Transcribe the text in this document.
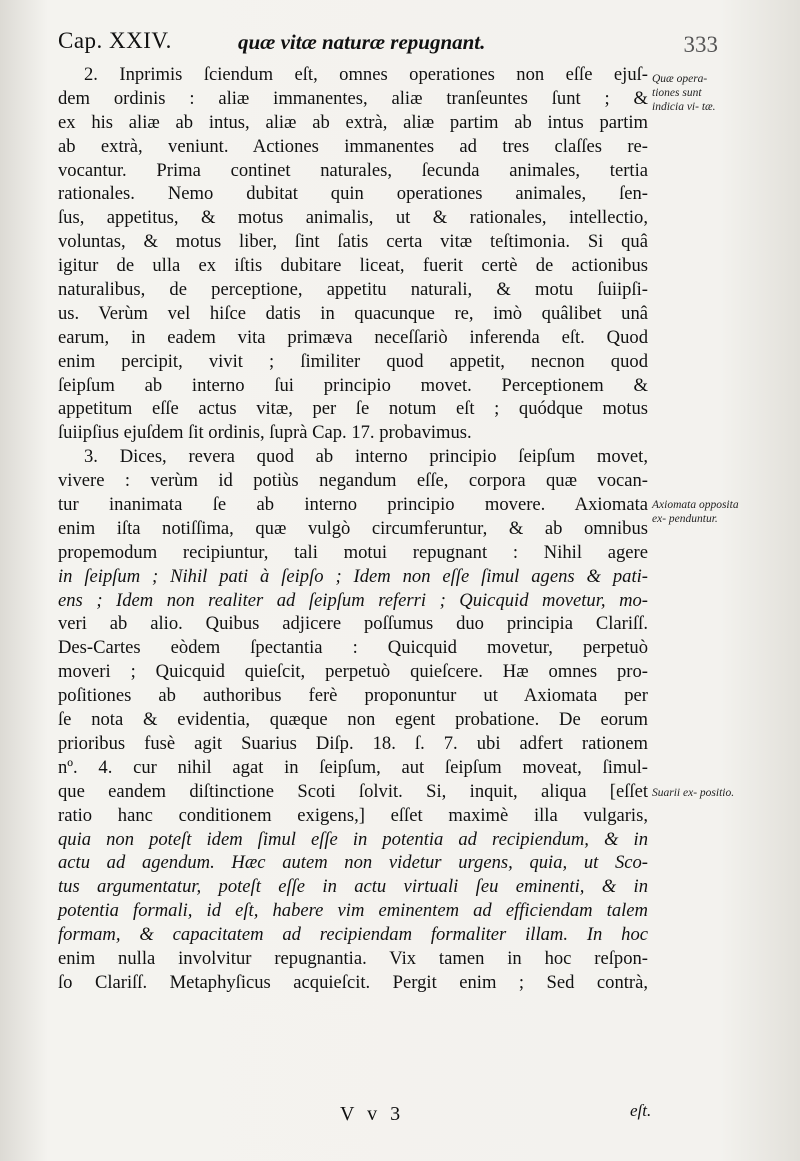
Cap. XXIV.	quæ vitæ naturæ repugnant.	333
2. Inprimis ſciendum eſt, omnes operationes non eſſe ejuſ-
dem ordinis : aliæ immanentes, aliæ tranſeuntes ſunt ; &
ex his aliæ ab intus, aliæ ab extrà, aliæ partim ab intus partim
ab extrà, veniunt. Actiones immanentes ad tres claſſes re-
vocantur. Prima continet naturales, ſecunda animales, tertia
rationales. Nemo dubitat quin operationes animales, ſen-
ſus, appetitus, & motus animalis, ut & rationales, intellectio,
voluntas, & motus liber, ſint ſatis certa vitæ teſtimonia. Si quâ
igitur de ulla ex iſtis dubitare liceat, fuerit certè de actionibus
naturalibus, de perceptione, appetitu naturali, & motu ſuiipſi-
us. Verùm vel hiſce datis in quacunque re, imò quâlibet unâ
earum, in eadem vita primæva neceſſariò inferenda eſt. Quod
enim percipit, vivit ; ſimiliter quod appetit, necnon quod
ſeipſum ab interno ſui principio movet. Perceptionem &
appetitum eſſe actus vitæ, per ſe notum eſt ; quódque motus
ſuiipſius ejuſdem ſit ordinis, ſuprà Cap. 17. probavimus.
3. Dices, revera quod ab interno principio ſeipſum movet,
vivere : verùm id potiùs negandum eſſe, corpora quæ vocan-
tur inanimata ſe ab interno principio movere. Axiomata
enim iſta notiſſima, quæ vulgò circumferuntur, & ab omnibus
propemodum recipiuntur, tali motui repugnant : Nihil agere
in ſeipſum ; Nihil pati à ſeipſo ; Idem non eſſe ſimul agens & pati-
ens ; Idem non realiter ad ſeipſum referri ; Quicquid movetur, mo-
veri ab alio. Quibus adjicere poſſumus duo principia Clariſſ.
Des-Cartes eòdem ſpectantia : Quicquid movetur, perpetuò
moveri ; Quicquid quieſcit, perpetuò quieſcere. Hæ omnes pro-
poſitiones ab authoribus ferè proponuntur ut Axiomata per
ſe nota & evidentia, quæque non egent probatione. De eorum
prioribus fusè agit Suarius Diſp. 18. ſ. 7. ubi adfert rationem
nº. 4. cur nihil agat in ſeipſum, aut ſeipſum moveat, ſimul-
que eandem diſtinctione Scoti ſolvit. Si, inquit, aliqua [eſſet
ratio hanc conditionem exigens,] eſſet maximè illa vulgaris,
quia non poteſt idem ſimul eſſe in potentia ad recipiendum, & in
actu ad agendum. Hæc autem non videtur urgens, quia, ut Sco-
tus argumentatur, poteſt eſſe in actu virtuali ſeu eminenti, & in
potentia formali, id eſt, habere vim eminentem ad efficiendam talem
formam, & capacitatem ad recipiendam formaliter illam. In hoc
enim nulla involvitur repugnantia. Vix tamen in hoc reſpon-
ſo Clariſſ. Metaphyſicus acquieſcit. Pergit enim ; Sed contrà,
Quæ opera- tiones sunt indicia vi- tæ.
Axiomata opposita ex- penduntur.
Suarii ex- positio.
V v 3	eſt.
